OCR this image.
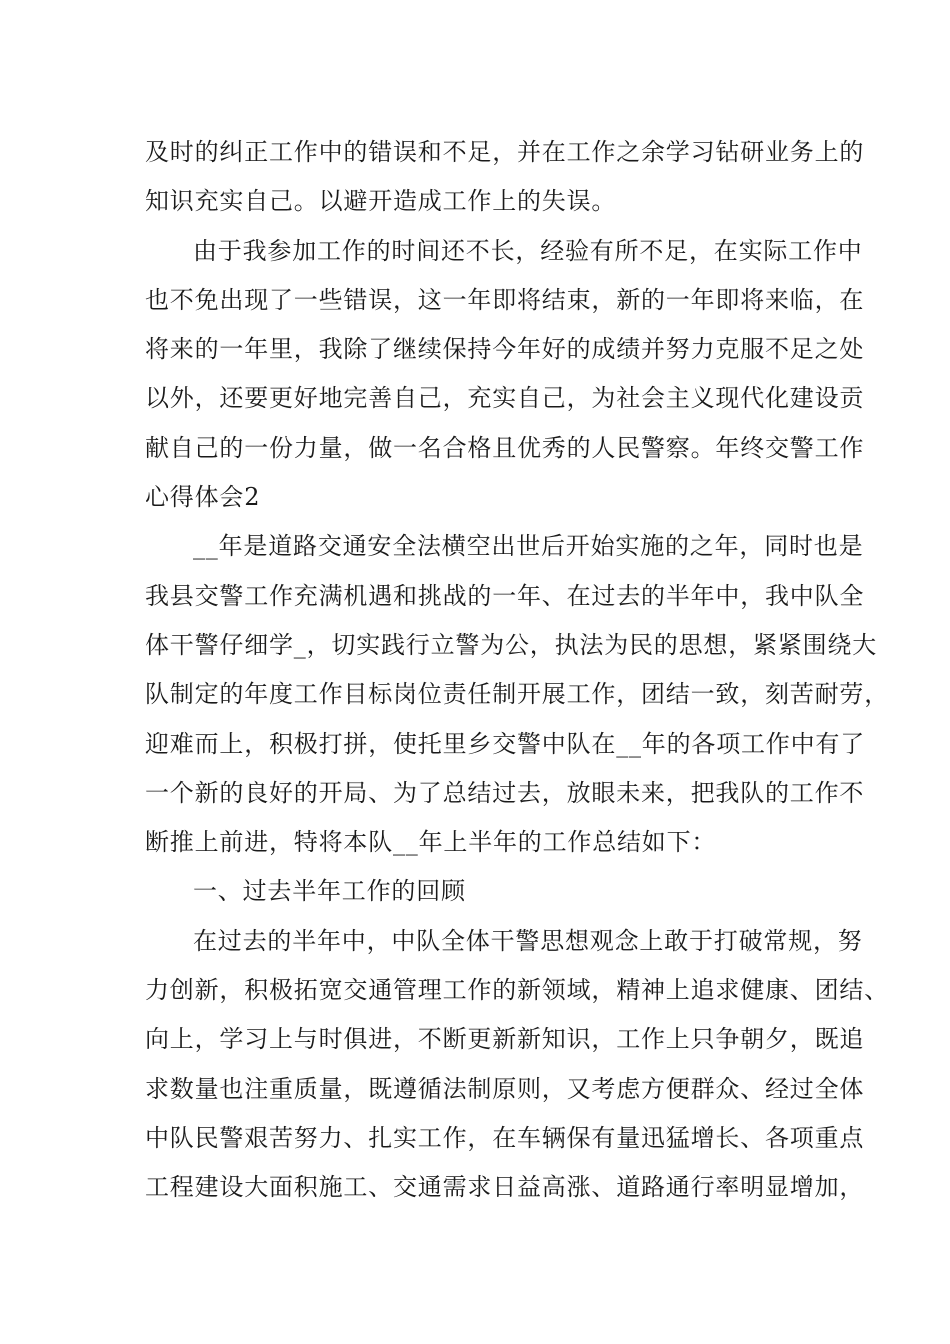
及时的纠正工作中的错误和不足，并在工作之余学习钻研业务上的
知识充实自己。以避开造成工作上的失误。
由于我参加工作的时间还不长，经验有所不足，在实际工作中
也不免出现了一些错误，这一年即将结束，新的一年即将来临，在
将来的一年里，我除了继续保持今年好的成绩并努力克服不足之处
以外，还要更好地完善自己，充实自己，为社会主义现代化建设贡
献自己的一份力量，做一名合格且优秀的人民警察。年终交警工作
心得体会2
__年是道路交通安全法横空出世后开始实施的之年，同时也是
我县交警工作充满机遇和挑战的一年、在过去的半年中，我中队全
体干警仔细学_，切实践行立警为公，执法为民的思想，紧紧围绕大
队制定的年度工作目标岗位责任制开展工作，团结一致，刻苦耐劳，
迎难而上，积极打拼，使托里乡交警中队在__年的各项工作中有了
一个新的良好的开局、为了总结过去，放眼未来，把我队的工作不
断推上前进，特将本队__年上半年的工作总结如下：
一、过去半年工作的回顾
在过去的半年中，中队全体干警思想观念上敢于打破常规，努
力创新，积极拓宽交通管理工作的新领域，精神上追求健康、团结、
向上，学习上与时俱进，不断更新新知识，工作上只争朝夕，既追
求数量也注重质量，既遵循法制原则，又考虑方便群众、经过全体
中队民警艰苦努力、扎实工作，在车辆保有量迅猛增长、各项重点
工程建设大面积施工、交通需求日益高涨、道路通行率明显增加，
